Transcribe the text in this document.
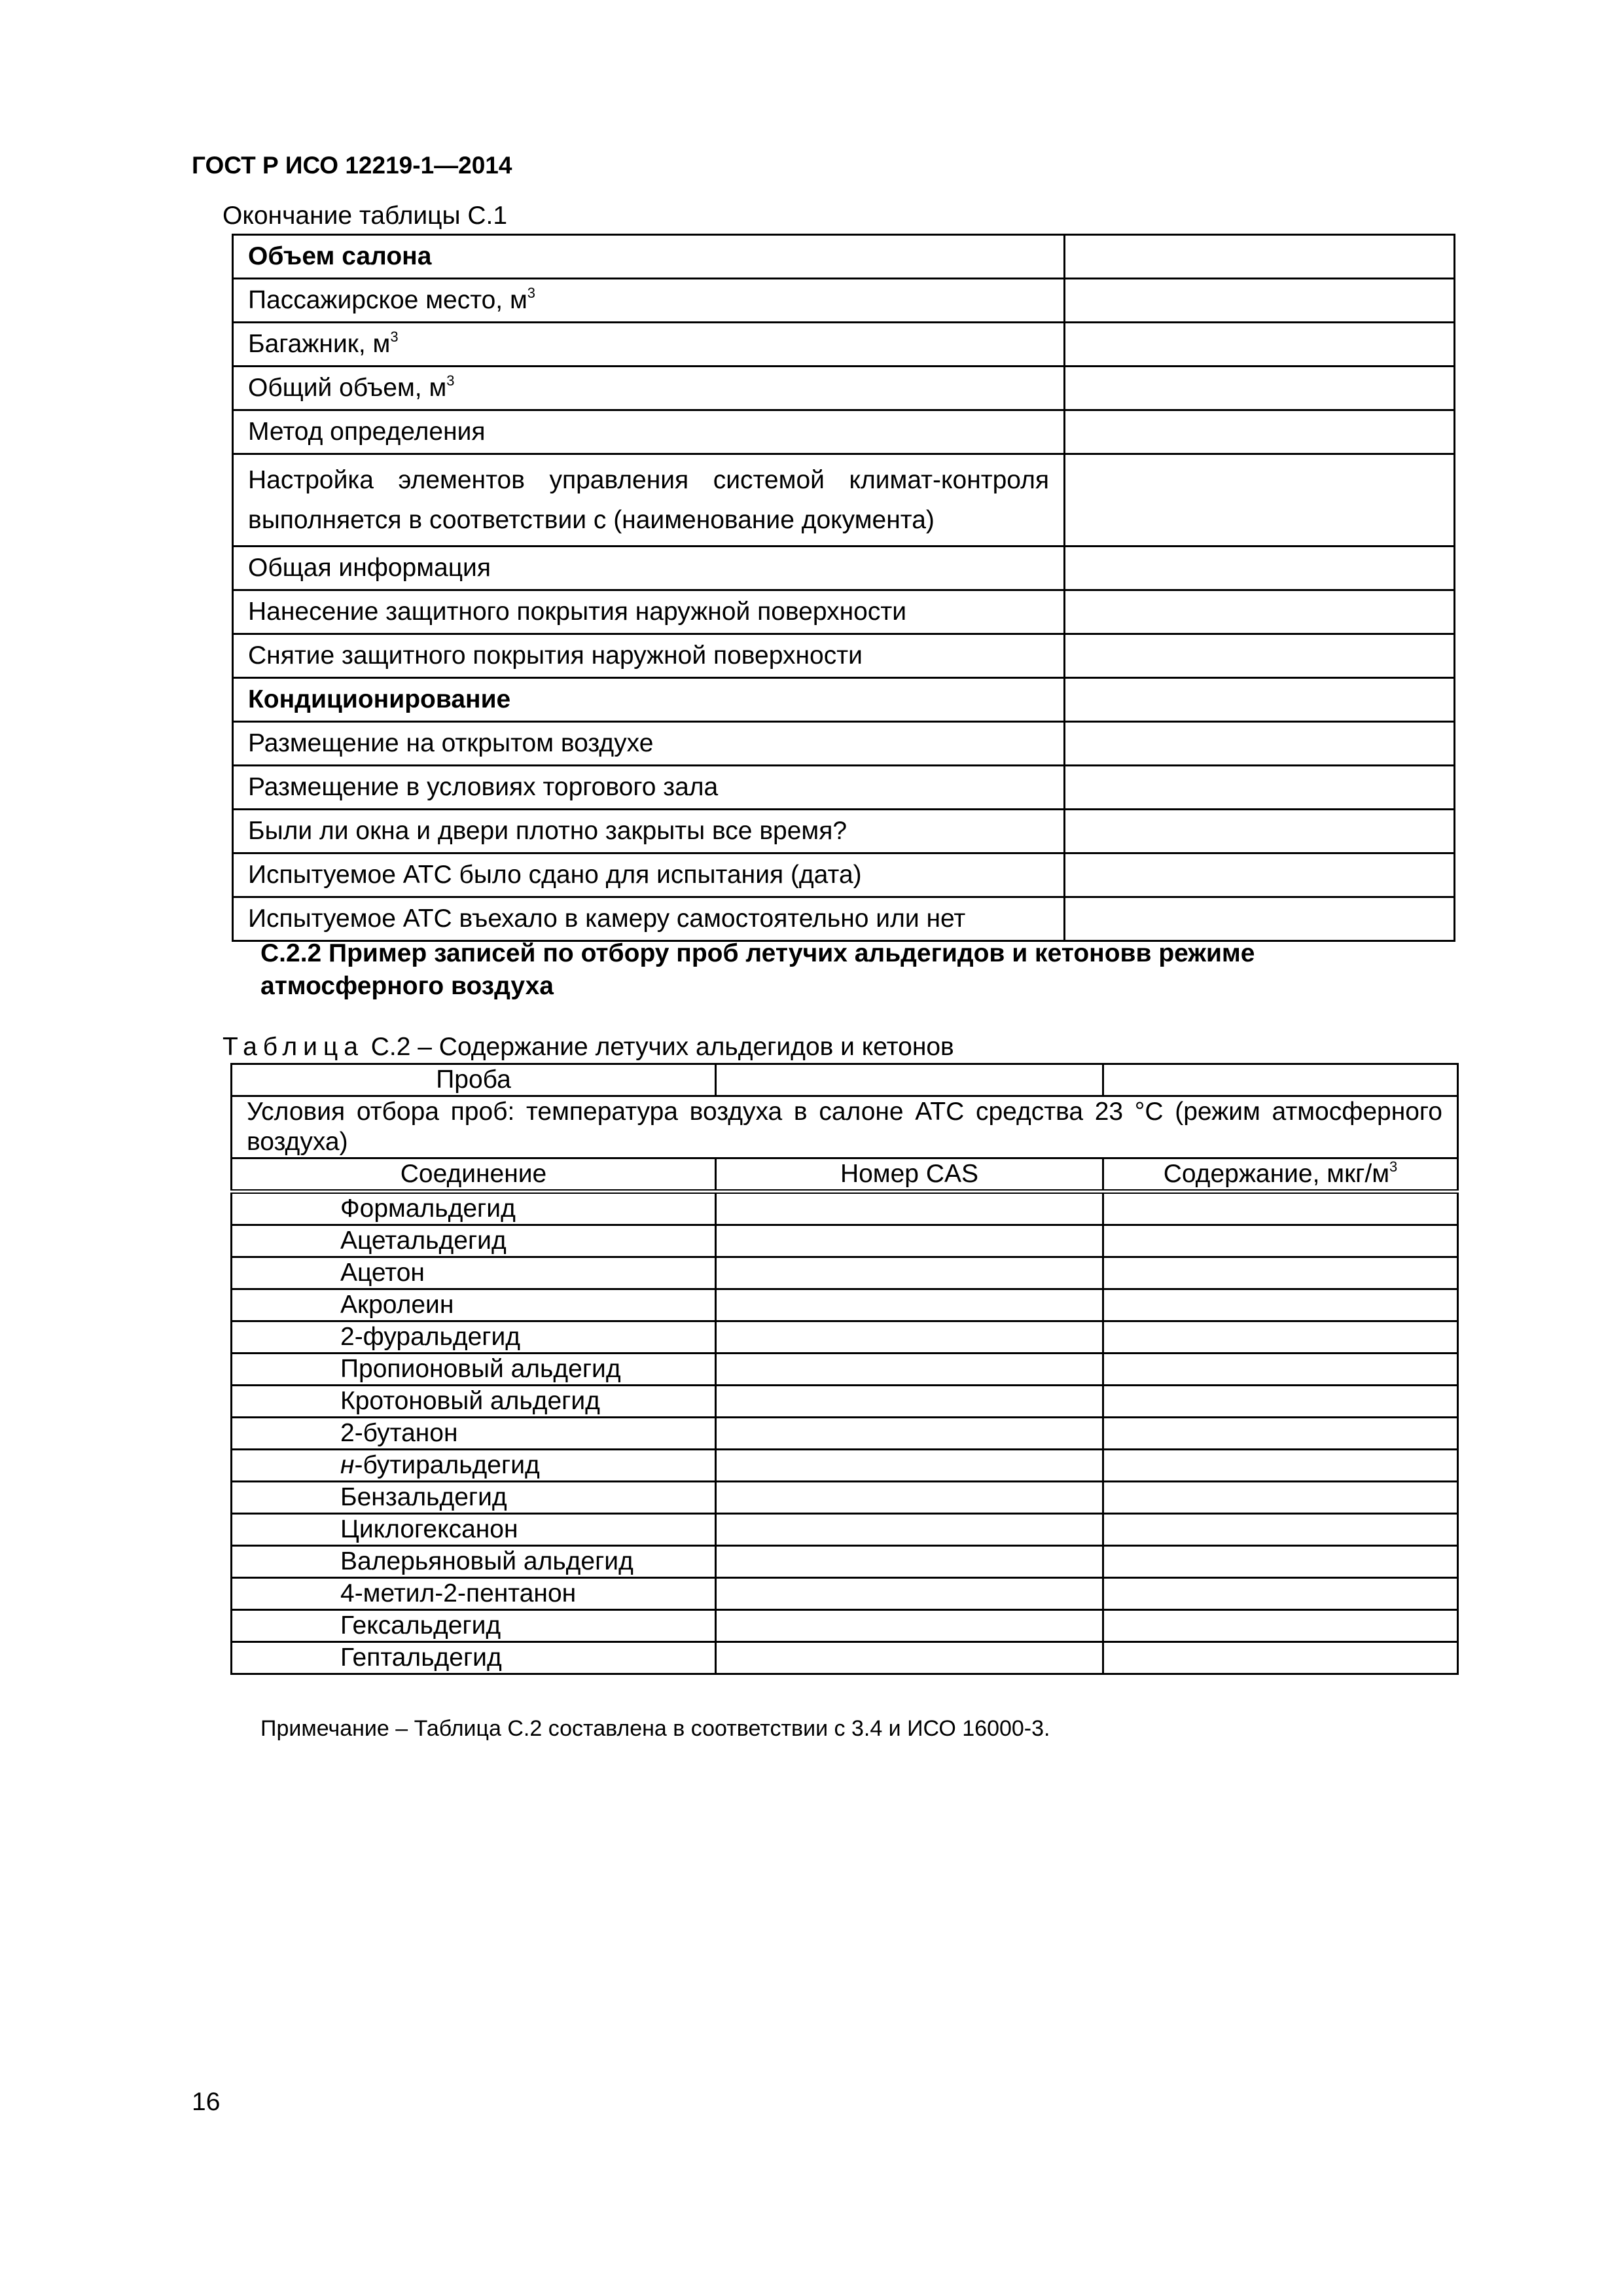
ГОСТ Р ИСО 12219-1—2014
Окончание таблицы С.1
Объем салона	
Пассажирское место, $м^3$	
Багажник, $м^3$	
Общий объем, $м^3$	
Метод определения	
Настройка элементов управления системой климат-контроля выполняется в соответствии с (наименование документа)	
Общая информация	
Нанесение защитного покрытия наружной поверхности	
Снятие защитного покрытия наружной поверхности	
Кондиционирование	
Размещение на открытом воздухе	
Размещение в условиях торгового зала	
Были ли окна и двери плотно закрыты все время?	
Испытуемое АТС было сдано для испытания (дата)	
Испытуемое АТС въехало в камеру самостоятельно или нет	
С.2.2 Пример записей по отбору проб летучих альдегидов и кетоновв режиме атмосферного воздуха
Таблица С.2 – Содержание летучих альдегидов и кетонов
Проба		
Условия отбора проб: температура воздуха в салоне АТС средства 23 °С (режим атмосферного воздуха)		
Соединение	Номер CAS	Содержание, мкг/$м^3$
Формальдегид		
Ацетальдегид		
Ацетон		
Акролеин		
2-фуральдегид		
Пропионовый альдегид		
Кротоновый альдегид		
2-бутанон		
н-бутиральдегид		
Бензальдегид		
Циклогексанон		
Валерьяновый альдегид		
4-метил-2-пентанон		
Гексальдегид		
Гептальдегид		
Примечание – Таблица С.2 составлена в соответствии с 3.4 и ИСО 16000-3.
16
